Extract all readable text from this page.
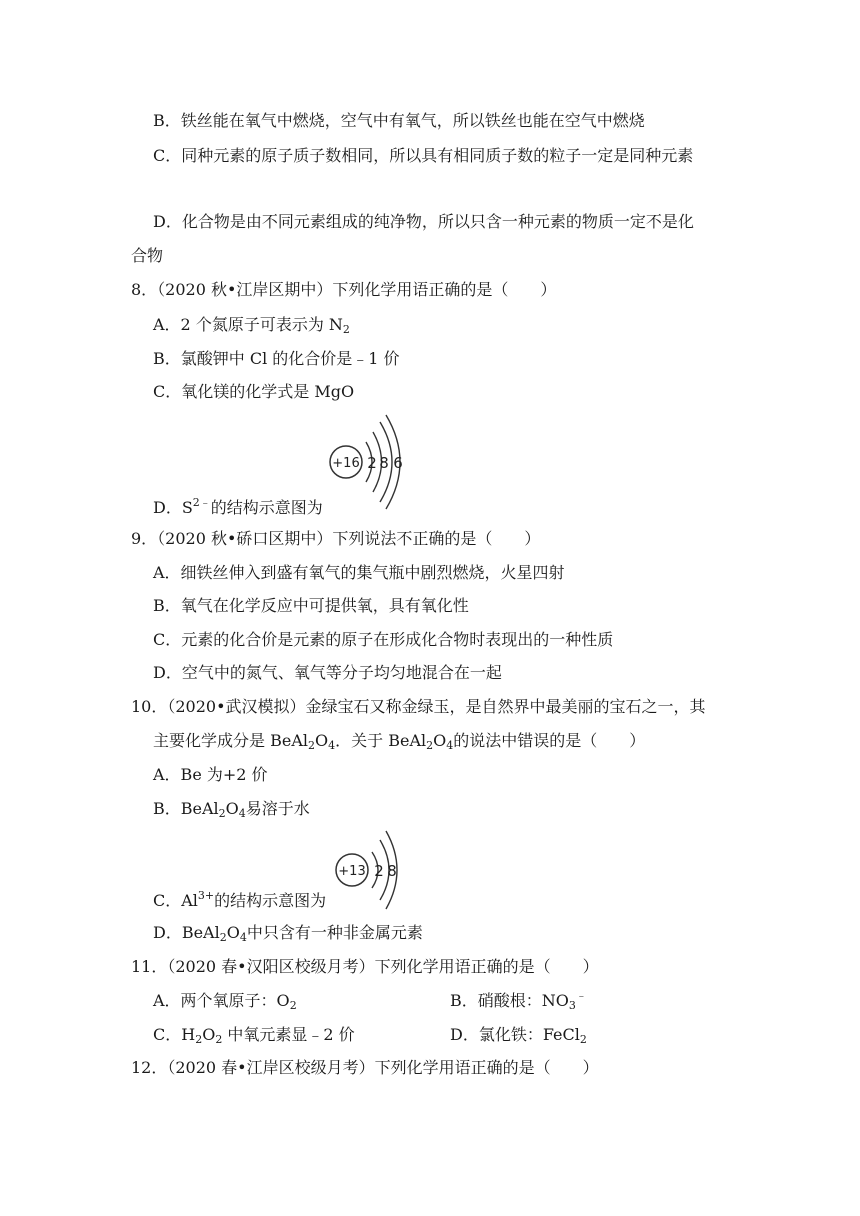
B．铁丝能在氧气中燃烧，空气中有氧气，所以铁丝也能在空气中燃烧
C．同种元素的原子质子数相同，所以具有相同质子数的粒子一定是同种元素
D．化合物是由不同元素组成的纯净物，所以只含一种元素的物质一定不是化
合物
8．（2020 秋•江岸区期中）下列化学用语正确的是（　　）
A．2 个氮原子可表示为 $N_2$
B．氯酸钾中 Cl 的化合价是﹣1 价
C．氧化镁的化学式是 MgO
+16 2 8 6
D．$S^{2﹣}$的结构示意图为
9．（2020 秋•硚口区期中）下列说法不正确的是（　　）
A．细铁丝伸入到盛有氧气的集气瓶中剧烈燃烧，火星四射
B．氧气在化学反应中可提供氧，具有氧化性
C．元素的化合价是元素的原子在形成化合物时表现出的一种性质
D．空气中的氮气、氧气等分子均匀地混合在一起
10．（2020•武汉模拟）金绿宝石又称金绿玉，是自然界中最美丽的宝石之一，其
主要化学成分是 $BeAl_2O_4$．关于 $BeAl_2O_4$的说法中错误的是（　　）
A．Be 为+2 价
B．$BeAl_2O_4$易溶于水
+13 2 8
C．$Al^{3+}$的结构示意图为
D．$BeAl_2O_4$中只含有一种非金属元素
11．（2020 春•汉阳区校级月考）下列化学用语正确的是（　　）
A．两个氧原子：$O_2$	B．硝酸根：$NO_3^﹣$
C．$H_2O_2$ 中氧元素显﹣2 价	D．氯化铁：FeCl$_2$
12．（2020 春•江岸区校级月考）下列化学用语正确的是（　　）
